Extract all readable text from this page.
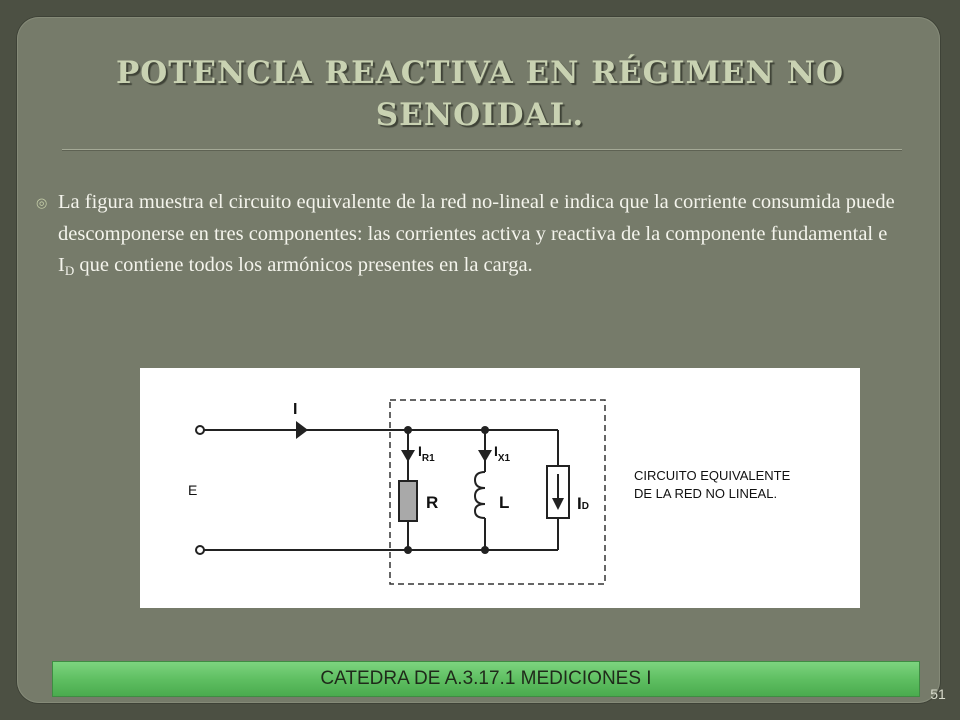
POTENCIA REACTIVA EN RÉGIMEN NO SENOIDAL.
◎ La figura muestra el circuito equivalente de la red no-lineal e indica que la corriente consumida puede descomponerse en tres componentes: las corrientes activa y reactiva de la componente fundamental e $I_D$ que contiene todos los armónicos presentes en la carga.

I
E
$I_{R1}$	$I_{X1}$
R	L	ID
CIRCUITO EQUIVALENTE
DE LA RED NO LINEAL.
CATEDRA DE A.3.17.1 MEDICIONES I
51
